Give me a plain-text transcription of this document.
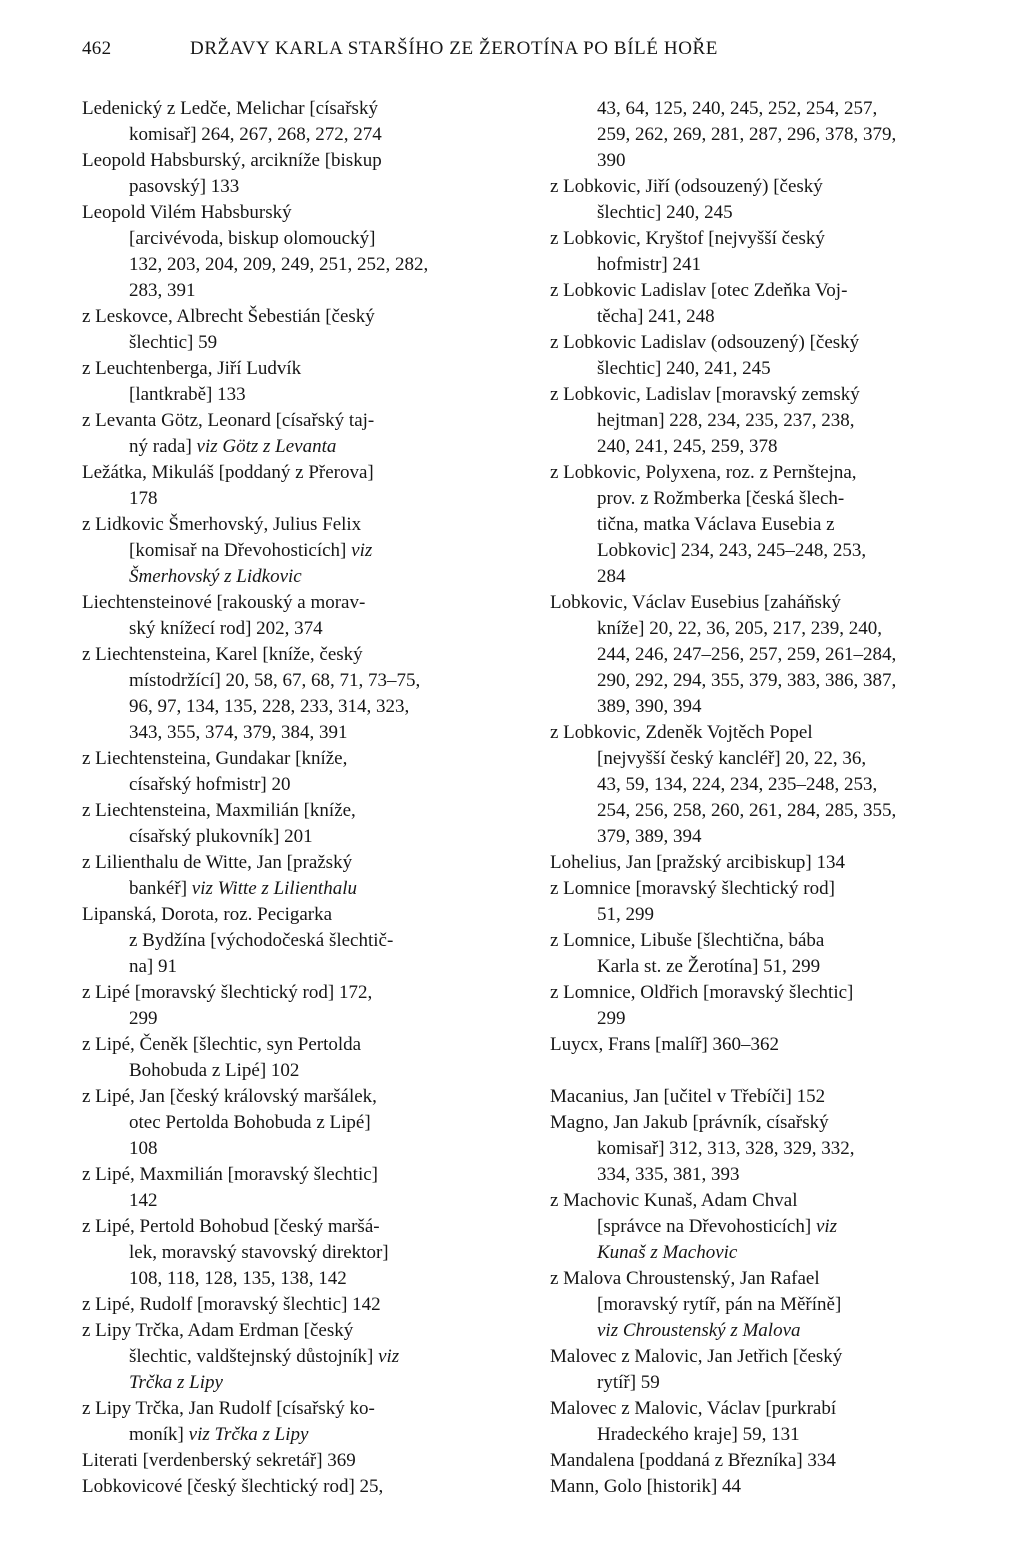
462	DRŽAVY KARLA STARŠÍHO ZE ŽEROTÍNA PO BÍLÉ HOŘE
Ledenický z Ledče, Melichar [císařský
komisař] 264, 267, 268, 272, 274
Leopold Habsburský, arcikníže [biskup
pasovský] 133
Leopold Vilém Habsburský
[arcivévoda, biskup olomoucký]
132, 203, 204, 209, 249, 251, 252, 282,
283, 391
z Leskovce, Albrecht Šebestián [český
šlechtic] 59
z Leuchtenberga, Jiří Ludvík
[lantkrabě] 133
z Levanta Götz, Leonard [císařský taj-
ný rada] viz Götz z Levanta
Ležátka, Mikuláš [poddaný z Přerova]
178
z Lidkovic Šmerhovský, Julius Felix
[komisař na Dřevohosticích] viz
Šmerhovský z Lidkovic
Liechtensteinové [rakouský a morav-
ský knížecí rod] 202, 374
z Liechtensteina, Karel [kníže, český
místodržící] 20, 58, 67, 68, 71, 73–75,
96, 97, 134, 135, 228, 233, 314, 323,
343, 355, 374, 379, 384, 391
z Liechtensteina, Gundakar [kníže,
císařský hofmistr] 20
z Liechtensteina, Maxmilián [kníže,
císařský plukovník] 201
z Lilienthalu de Witte, Jan [pražský
bankéř] viz Witte z Lilienthalu
Lipanská, Dorota, roz. Pecigarka
z Bydžína [východočeská šlechtič-
na] 91
z Lipé [moravský šlechtický rod] 172,
299
z Lipé, Čeněk [šlechtic, syn Pertolda
Bohobuda z Lipé] 102
z Lipé, Jan [český královský maršálek,
otec Pertolda Bohobuda z Lipé]
108
z Lipé, Maxmilián [moravský šlechtic]
142
z Lipé, Pertold Bohobud [český maršá-
lek, moravský stavovský direktor]
108, 118, 128, 135, 138, 142
z Lipé, Rudolf [moravský šlechtic] 142
z Lipy Trčka, Adam Erdman [český
šlechtic, valdštejnský důstojník] viz
Trčka z Lipy
z Lipy Trčka, Jan Rudolf [císařský ko-
moník] viz Trčka z Lipy
Literati [verdenberský sekretář] 369
Lobkovicové [český šlechtický rod] 25,
43, 64, 125, 240, 245, 252, 254, 257,
259, 262, 269, 281, 287, 296, 378, 379,
390
z Lobkovic, Jiří (odsouzený) [český
šlechtic] 240, 245
z Lobkovic, Kryštof [nejvyšší český
hofmistr] 241
z Lobkovic Ladislav [otec Zdeňka Voj-
těcha] 241, 248
z Lobkovic Ladislav (odsouzený) [český
šlechtic] 240, 241, 245
z Lobkovic, Ladislav [moravský zemský
hejtman] 228, 234, 235, 237, 238,
240, 241, 245, 259, 378
z Lobkovic, Polyxena, roz. z Pernštejna,
prov. z Rožmberka [česká šlech-
tična, matka Václava Eusebia z
Lobkovic] 234, 243, 245–248, 253,
284
Lobkovic, Václav Eusebius [zaháňský
kníže] 20, 22, 36, 205, 217, 239, 240,
244, 246, 247–256, 257, 259, 261–284,
290, 292, 294, 355, 379, 383, 386, 387,
389, 390, 394
z Lobkovic, Zdeněk Vojtěch Popel
[nejvyšší český kancléř] 20, 22, 36,
43, 59, 134, 224, 234, 235–248, 253,
254, 256, 258, 260, 261, 284, 285, 355,
379, 389, 394
Lohelius, Jan [pražský arcibiskup] 134
z Lomnice [moravský šlechtický rod]
51, 299
z Lomnice, Libuše [šlechtična, bába
Karla st. ze Žerotína] 51, 299
z Lomnice, Oldřich [moravský šlechtic]
299
Luycx, Frans [malíř] 360–362
Macanius, Jan [učitel v Třebíči] 152
Magno, Jan Jakub [právník, císařský
komisař] 312, 313, 328, 329, 332,
334, 335, 381, 393
z Machovic Kunaš, Adam Chval
[správce na Dřevohosticích] viz
Kunaš z Machovic
z Malova Chroustenský, Jan Rafael
[moravský rytíř, pán na Měříně]
viz Chroustenský z Malova
Malovec z Malovic, Jan Jetřich [český
rytíř] 59
Malovec z Malovic, Václav [purkrabí
Hradeckého kraje] 59, 131
Mandalena [poddaná z Březníka] 334
Mann, Golo [historik] 44
